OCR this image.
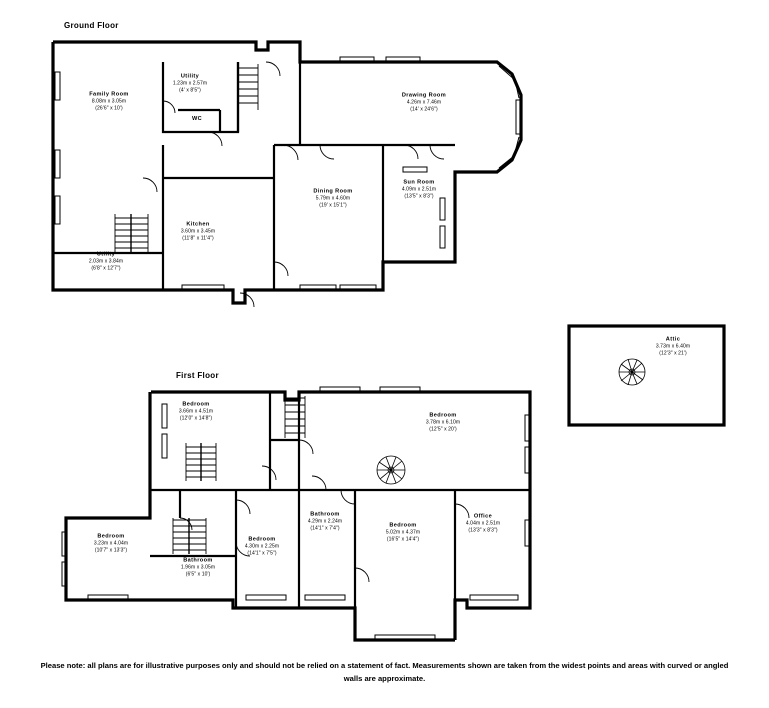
Ground Floor
First Floor
Family Room
8.08m x 3.05m
(26'6" x 10')
Utility
1.23m x 2.57m
(4' x 8'5")
WC
Drawing Room
4.26m x 7.46m
(14' x 24'6")
Dining Room
5.79m x 4.60m
(19' x 15'1")
Sun Room
4.09m x 2.51m
(13'5" x 8'3")
Kitchen
3.60m x 3.45m
(11'8" x 11'4")
Utility
2.03m x 3.84m
(6'8" x 12'7")
Attic
3.73m x 6.40m
(12'3" x 21')
Bedroom
3.66m x 4.51m
(12'0" x 14'8")
Bedroom
3.78m x 6.10m
(12'5" x 20')
Bathroom
4.29m x 2.24m
(14'1" x 7'4")
Bedroom
5.02m x 4.37m
(16'5" x 14'4")
Office
4.04m x 2.51m
(13'3" x 8'3")
Bedroom
3.23m x 4.04m
(10'7" x 13'3")
Bedroom
4.30m x 2.25m
(14'1" x 7'5")
Bathroom
1.96m x 3.05m
(6'5" x 10')
Please note: all plans are for illustrative purposes only and should not be relied on a statement of fact. Measurements shown are taken from the widest points and areas with curved or angled walls are approximate.
